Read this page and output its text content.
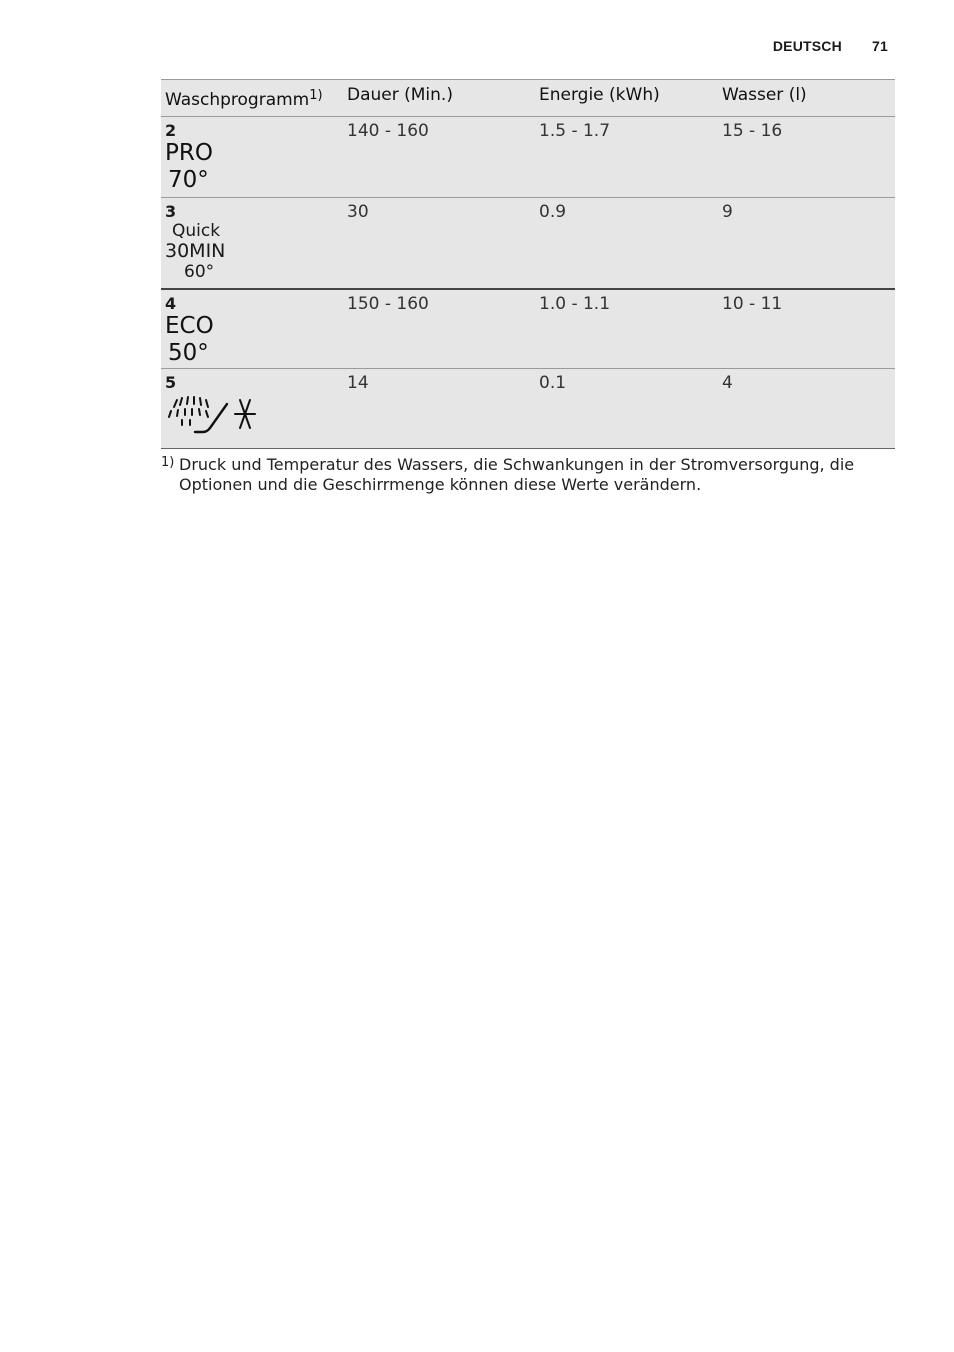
DEUTSCH 71
Waschprogramm$^{1)}$	Dauer (Min.)	Energie (kWh)	Wasser (l)

2
PRO
70°	140 - 160	1.5 - 1.7	15 - 16

3
Quick
30MIN
60°	30	0.9	9

4
ECO
50°	150 - 160	1.0 - 1.1	10 - 11

5	14	0.1	4
1) Druck und Temperatur des Wassers, die Schwankungen in der Stromversorgung, die Optionen und die Geschirrmenge können diese Werte verändern.
